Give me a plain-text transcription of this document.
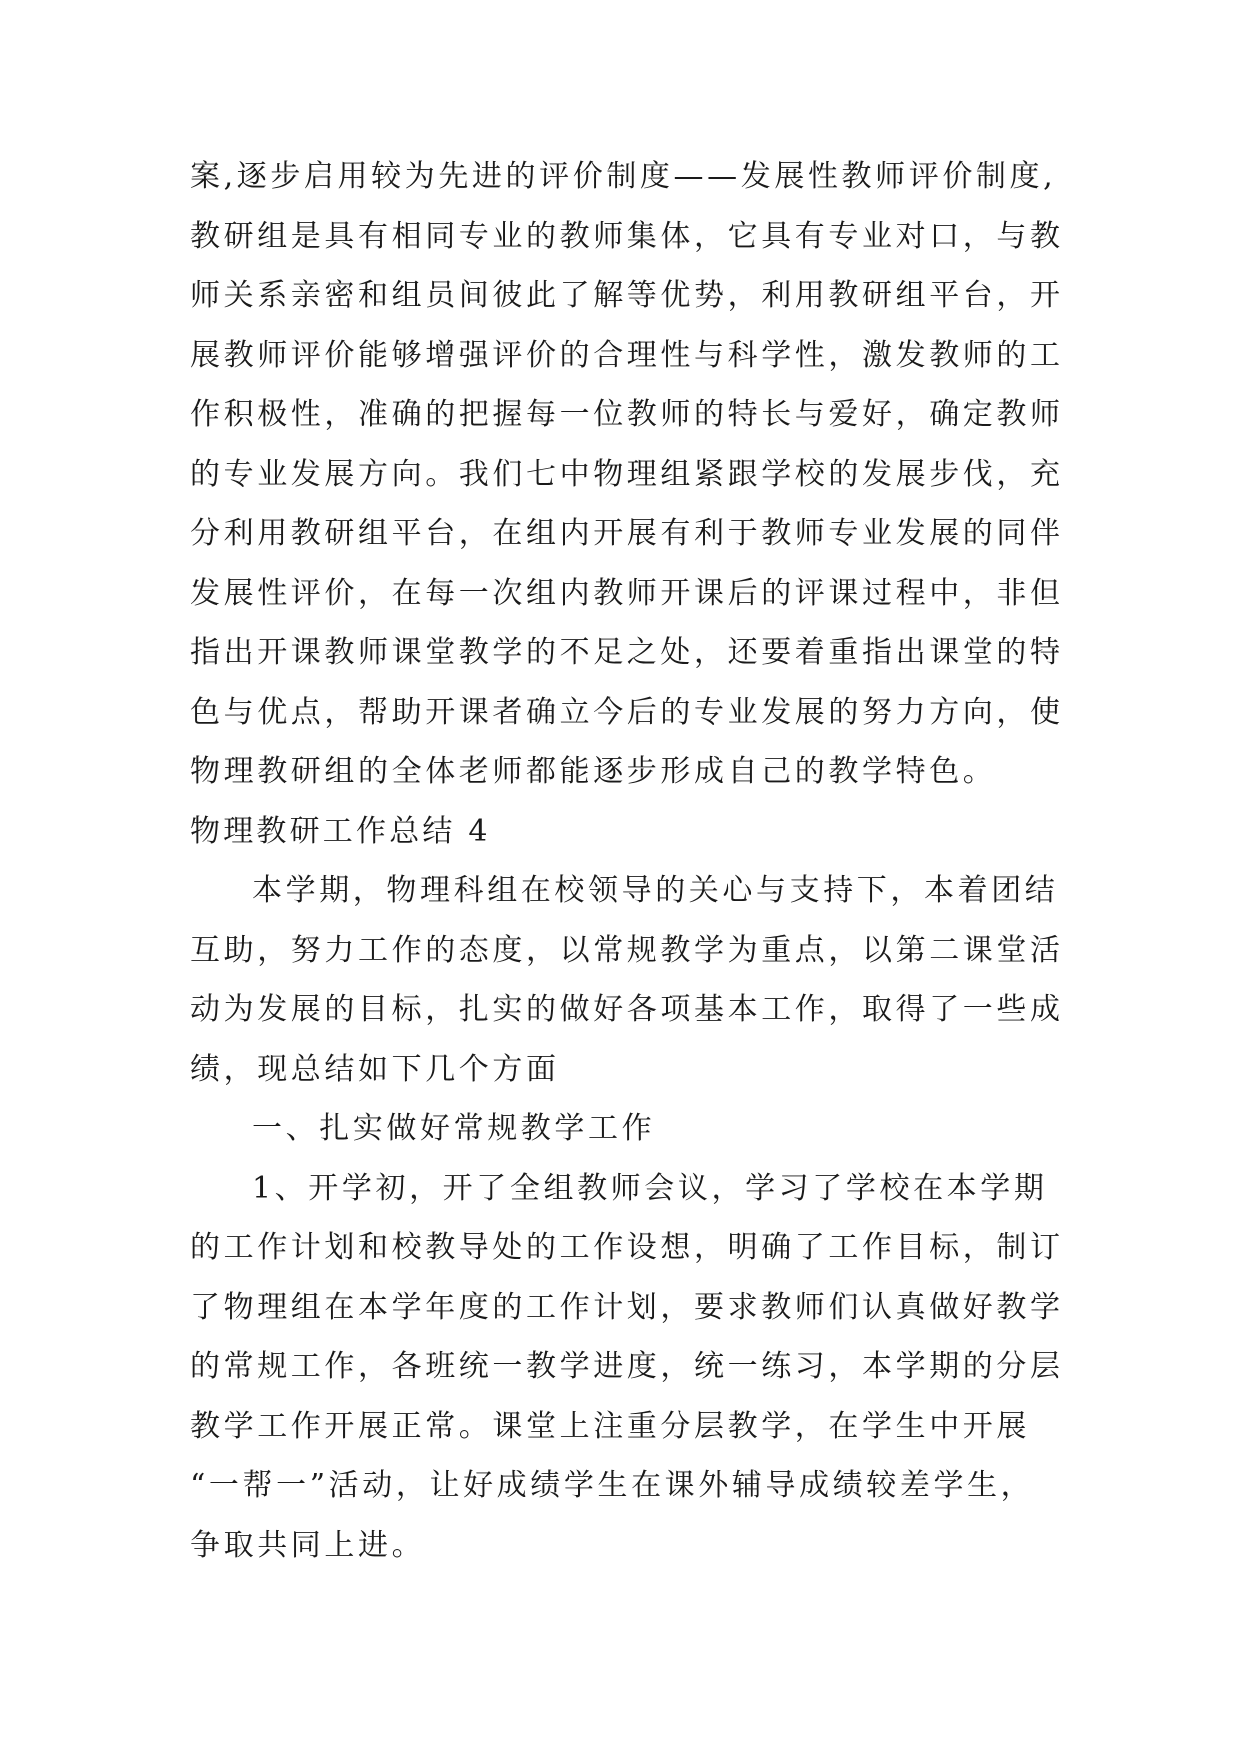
案,逐步启用较为先进的评价制度——发展性教师评价制度,
教研组是具有相同专业的教师集体，它具有专业对口，与教
师关系亲密和组员间彼此了解等优势，利用教研组平台，开
展教师评价能够增强评价的合理性与科学性，激发教师的工
作积极性，准确的把握每一位教师的特长与爱好，确定教师
的专业发展方向。我们七中物理组紧跟学校的发展步伐，充
分利用教研组平台，在组内开展有利于教师专业发展的同伴
发展性评价，在每一次组内教师开课后的评课过程中，非但
指出开课教师课堂教学的不足之处，还要着重指出课堂的特
色与优点，帮助开课者确立今后的专业发展的努力方向，使
物理教研组的全体老师都能逐步形成自己的教学特色。
物理教研工作总结 4
本学期，物理科组在校领导的关心与支持下，本着团结
互助，努力工作的态度，以常规教学为重点，以第二课堂活
动为发展的目标，扎实的做好各项基本工作，取得了一些成
绩，现总结如下几个方面
一、扎实做好常规教学工作
1、开学初，开了全组教师会议，学习了学校在本学期
的工作计划和校教导处的工作设想，明确了工作目标，制订
了物理组在本学年度的工作计划，要求教师们认真做好教学
的常规工作，各班统一教学进度，统一练习，本学期的分层
教学工作开展正常。课堂上注重分层教学，在学生中开展
“一帮一”活动，让好成绩学生在课外辅导成绩较差学生，
争取共同上进。
